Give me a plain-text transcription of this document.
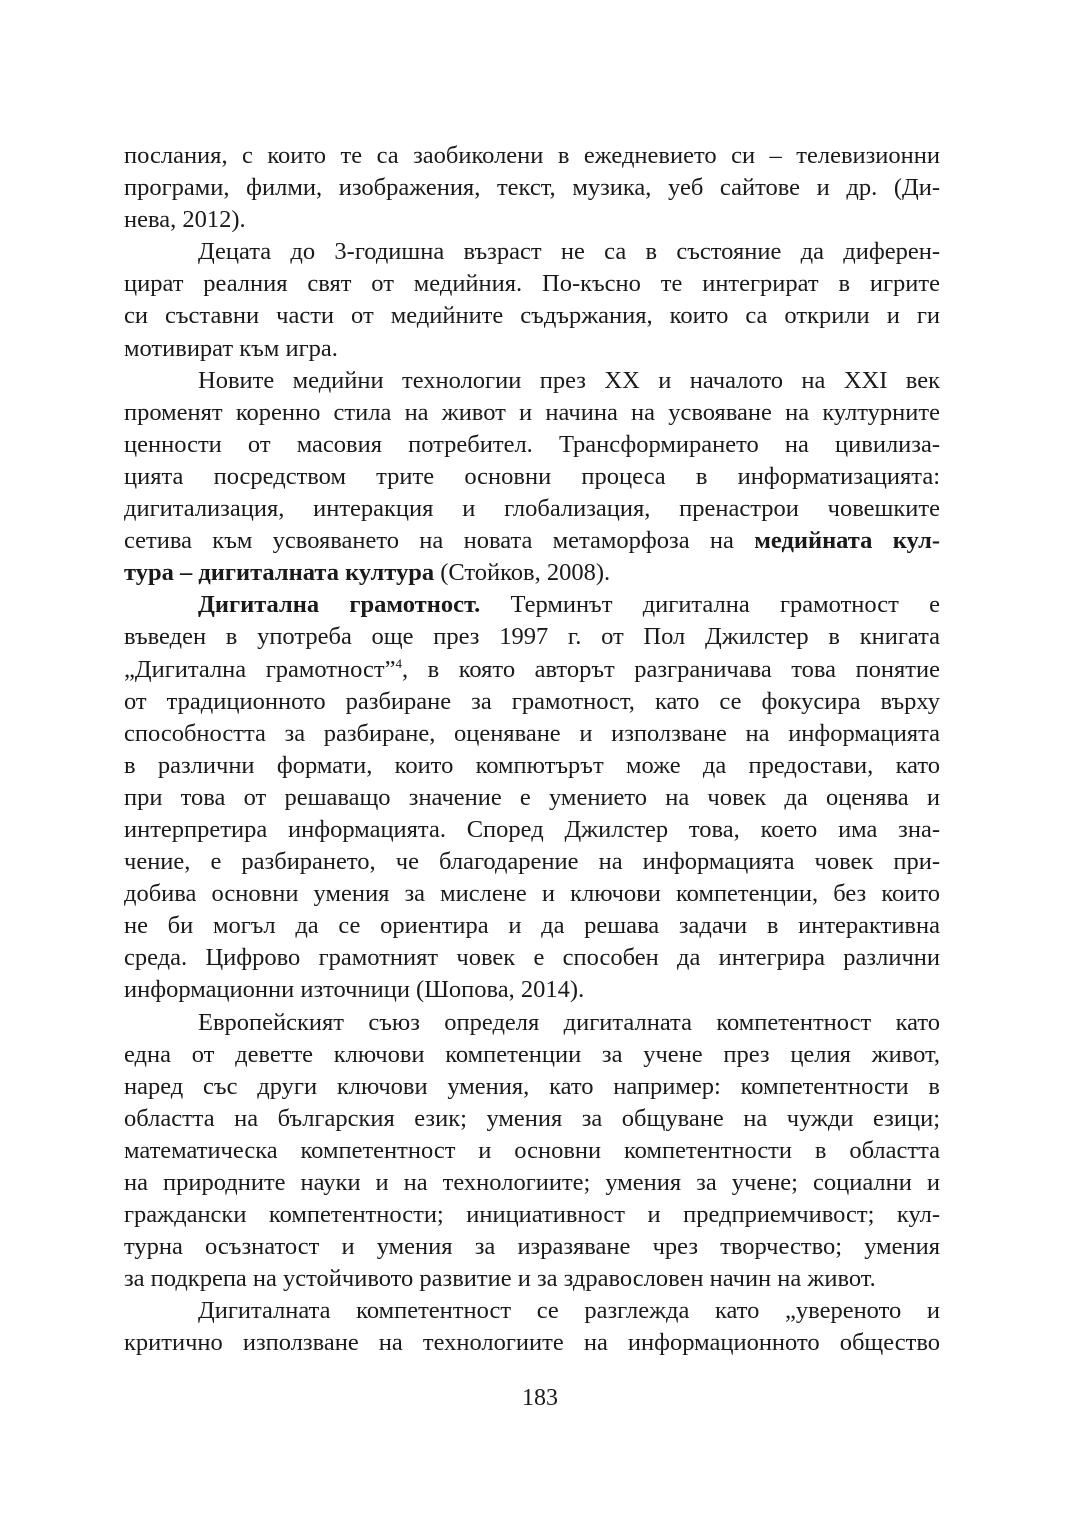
послания, с които те са заобиколени в ежедневието си – телевизионни
програми, филми, изображения, текст, музика, уеб сайтове и др. (Ди-
нева, 2012).
Децата до 3-годишна възраст не са в състояние да диферен-
цират реалния свят от медийния. По-късно те интегрират в игрите
си съставни части от медийните съдържания, които са открили и ги
мотивират към игра.
Новите медийни технологии през XX и началото на XXI век
променят коренно стила на живот и начина на усвояване на културните
ценности от масовия потребител. Трансформирането на цивилиза-
цията посредством трите основни процеса в информатизацията:
дигитализация, интеракция и глобализация, пренастрои човешките
сетива към усвояването на новата метаморфоза на медийната кул-
тура – дигиталната култура (Стойков, 2008).
Дигитална грамотност. Терминът дигитална грамотност е
въведен в употреба още през 1997 г. от Пол Джилстер в книгата
„Дигитална грамотност”$^4$, в която авторът разграничава това понятие
от традиционното разбиране за грамотност, като се фокусира върху
способността за разбиране, оценяване и използване на информацията
в различни формати, които компютърът може да предостави, като
при това от решаващо значение е умението на човек да оценява и
интерпретира информацията. Според Джилстер това, което има зна-
чение, е разбирането, че благодарение на информацията човек при-
добива основни умения за мислене и ключови компетенции, без които
не би могъл да се ориентира и да решава задачи в интерактивна
среда. Цифрово грамотният човек е способен да интегрира различни
информационни източници (Шопова, 2014).
Европейският съюз определя дигиталната компетентност като
една от деветте ключови компетенции за учене през целия живот,
наред със други ключови умения, като например: компетентности в
областта на българския език; умения за общуване на чужди езици;
математическа компетентност и основни компетентности в областта
на природните науки и на технологиите; умения за учене; социални и
граждански компетентности; инициативност и предприемчивост; кул-
турна осъзнатост и умения за изразяване чрез творчество; умения
за подкрепа на устойчивото развитие и за здравословен начин на живот.
Дигиталната компетентност се разглежда като „увереното и
критично използване на технологиите на информационното общество
183
